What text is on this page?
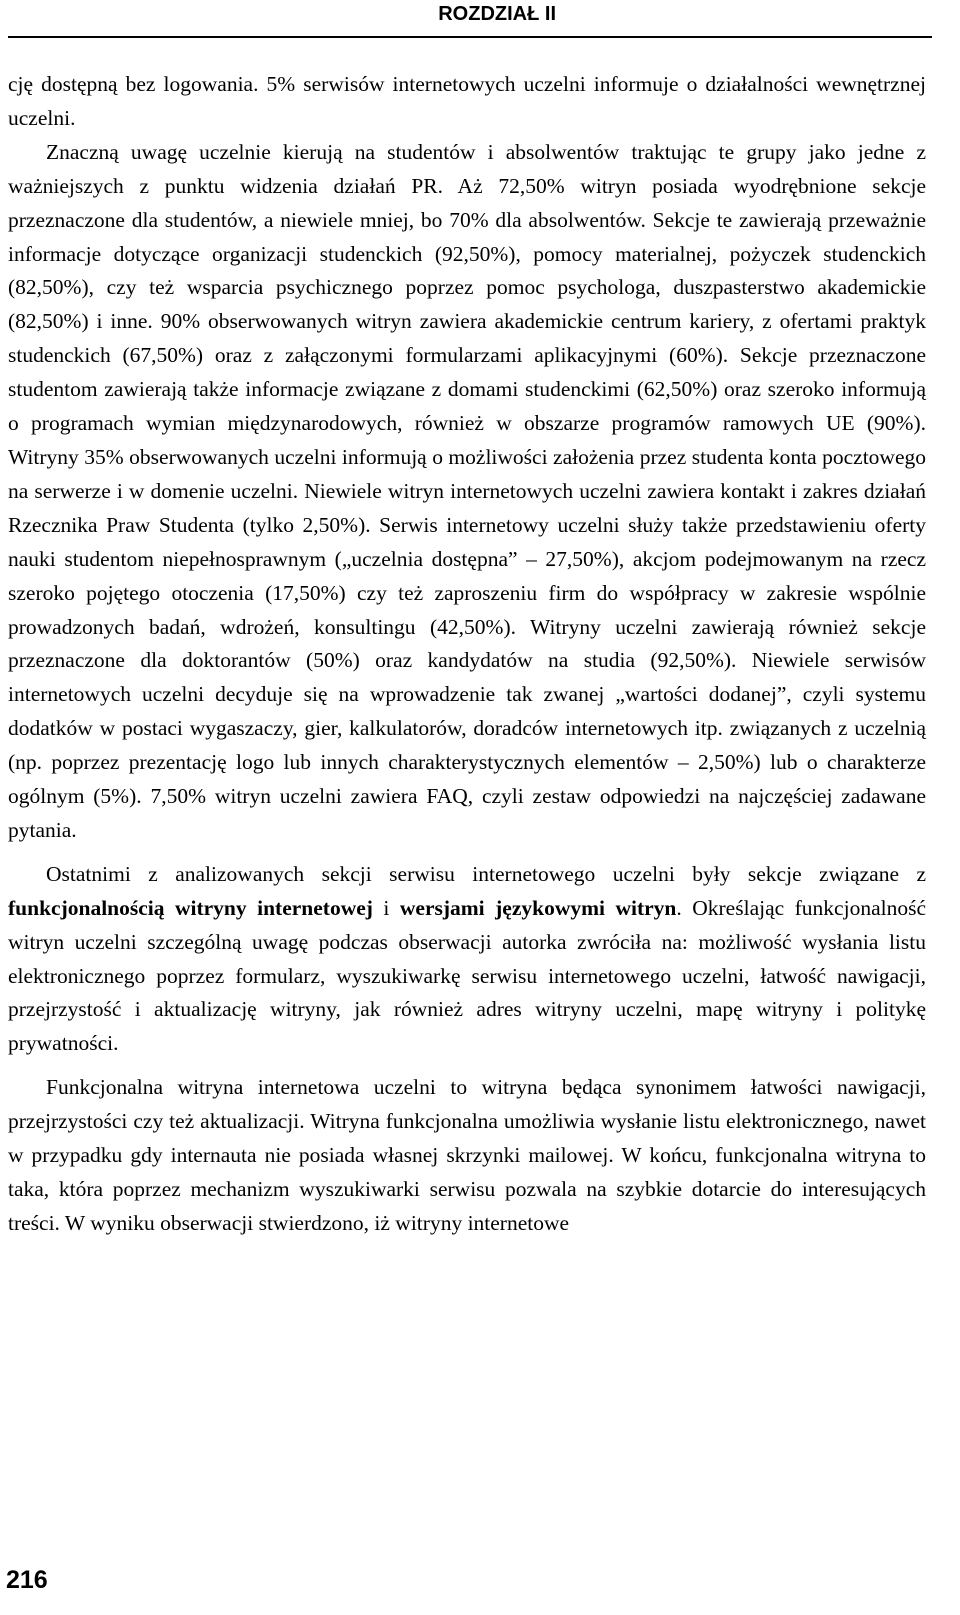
ROZDZIAŁ II

cję dostępną bez logowania. 5% serwisów internetowych uczelni informuje o działalności wewnętrznej uczelni.

Znaczną uwagę uczelnie kierują na studentów i absolwentów traktując te grupy jako jedne z ważniejszych z punktu widzenia działań PR. Aż 72,50% witryn posiada wyodrębnione sekcje przeznaczone dla studentów, a niewiele mniej, bo 70% dla absolwentów. Sekcje te zawierają przeważnie informacje dotyczące organizacji studenckich (92,50%), pomocy materialnej, pożyczek studenckich (82,50%), czy też wsparcia psychicznego poprzez pomoc psychologa, duszpasterstwo akademickie (82,50%) i inne. 90% obserwowanych witryn zawiera akademickie centrum kariery, z ofertami praktyk studenckich (67,50%) oraz z załączonymi formularzami aplikacyjnymi (60%). Sekcje przeznaczone studentom zawierają także informacje związane z domami studenckimi (62,50%) oraz szeroko informują o programach wymian międzynarodowych, również w obszarze programów ramowych UE (90%). Witryny 35% obserwowanych uczelni informują o możliwości założenia przez studenta konta pocztowego na serwerze i w domenie uczelni. Niewiele witryn internetowych uczelni zawiera kontakt i zakres działań Rzecznika Praw Studenta (tylko 2,50%). Serwis internetowy uczelni służy także przedstawieniu oferty nauki studentom niepełnosprawnym („uczelnia dostępna” – 27,50%), akcjom podejmowanym na rzecz szeroko pojętego otoczenia (17,50%) czy też zaproszeniu firm do współpracy w zakresie wspólnie prowadzonych badań, wdrożeń, konsultingu (42,50%). Witryny uczelni zawierają również sekcje przeznaczone dla doktorantów (50%) oraz kandydatów na studia (92,50%). Niewiele serwisów internetowych uczelni decyduje się na wprowadzenie tak zwanej „wartości dodanej”, czyli systemu dodatków w postaci wygaszaczy, gier, kalkulatorów, doradców internetowych itp. związanych z uczelnią (np. poprzez prezentację logo lub innych charakterystycznych elementów – 2,50%) lub o charakterze ogólnym (5%). 7,50% witryn uczelni zawiera FAQ, czyli zestaw odpowiedzi na najczęściej zadawane pytania.

Ostatnimi z analizowanych sekcji serwisu internetowego uczelni były sekcje związane z funkcjonalnością witryny internetowej i wersjami językowymi witryn. Określając funkcjonalność witryn uczelni szczególną uwagę podczas obserwacji autorka zwróciła na: możliwość wysłania listu elektronicznego poprzez formularz, wyszukiwarkę serwisu internetowego uczelni, łatwość nawigacji, przejrzystość i aktualizację witryny, jak również adres witryny uczelni, mapę witryny i politykę prywatności.

Funkcjonalna witryna internetowa uczelni to witryna będąca synonimem łatwości nawigacji, przejrzystości czy też aktualizacji. Witryna funkcjonalna umożliwia wysłanie listu elektronicznego, nawet w przypadku gdy internauta nie posiada własnej skrzynki mailowej. W końcu, funkcjonalna witryna to taka, która poprzez mechanizm wyszukiwarki serwisu pozwala na szybkie dotarcie do interesujących treści. W wyniku obserwacji stwierdzono, iż witryny internetowe

216
